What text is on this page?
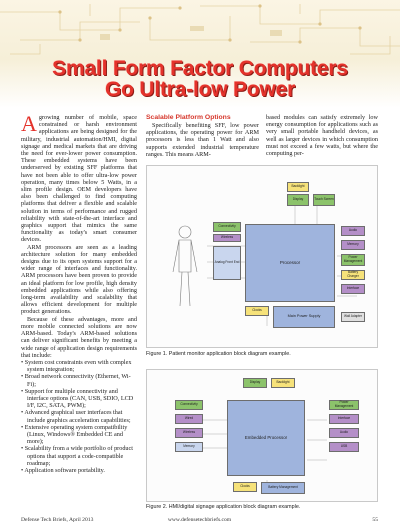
Small Form Factor Computers
Go Ultra-low Power

Agrowing number of mobile, space constrained or harsh environment applications are being designed for the military, industrial automation/HMI, digital signage and medical markets that are driving the need for ever-lower power consumption. These embedded systems have been underserved by existing SFF platforms that have not been able to offer ultra-low power operation, many times below 5 Watts, in a slim profile design. OEM developers have also been challenged to find computing platforms that deliver a flexible and scalable solution in terms of performance and rugged reliability with state-of-the-art interface and graphics support that mimics the same functionality as today's smart consumer devices.

ARM processors are seen as a leading architecture solution for many embedded designs due to its open systems support for a wider range of interfaces and functionality. ARM processors have been proven to provide an ideal platform for low profile, high density embedded applications while also offering long-term availability and scalability that allows efficient development for multiple product generations.

Because of these advantages, more and more mobile connected solutions are now ARM-based. Today's ARM-based solutions can deliver significant benefits by meeting a wide range of application design requirements that include:

• System cost constraints even with complex system integration;
• Broad network connectivity (Ethernet, Wi-Fi);
• Support for multiple connectivity and interface options (CAN, USB, SDIO, LCD I/F, I2C, SATA, PWM);
• Advanced graphical user interfaces that include graphics acceleration capabilities;
• Extensive operating system compatibility (Linux, Windows® Embedded CE and more);
• Scalability from a wide portfolio of product options that support a code-compatible roadmap;
• Application software portability.
Scalable Platform Options

Specifically benefiting SFF, low power applications, the operating power for ARM processors is less than 1 Watt and also supports extended industrial temperature ranges. This means ARM-

based modules can satisfy extremely low energy consumption for applications such as very small portable handheld devices, as well as larger devices in which consumption must not exceed a few watts, but where the computing per-

Processor
Connectivity
Wireless
Analog Front End
Backlight
Display	Touch Screen
Audio
Memory
Power Management
Battery Charger
Interface
Clocks
Main Power Supply	Wall Adapter
Figure 1. Patient monitor application block diagram example.
Embedded Processor
Connectivity
Wired
Wireless
Memory
Display	Backlight
Power Management
Interface
Audio
USB
Clocks	Battery Management
Figure 2. HMI/digital signage application block diagram example.
Defense Tech Briefs, April 2013	www.defensetechbriefs.com	55
